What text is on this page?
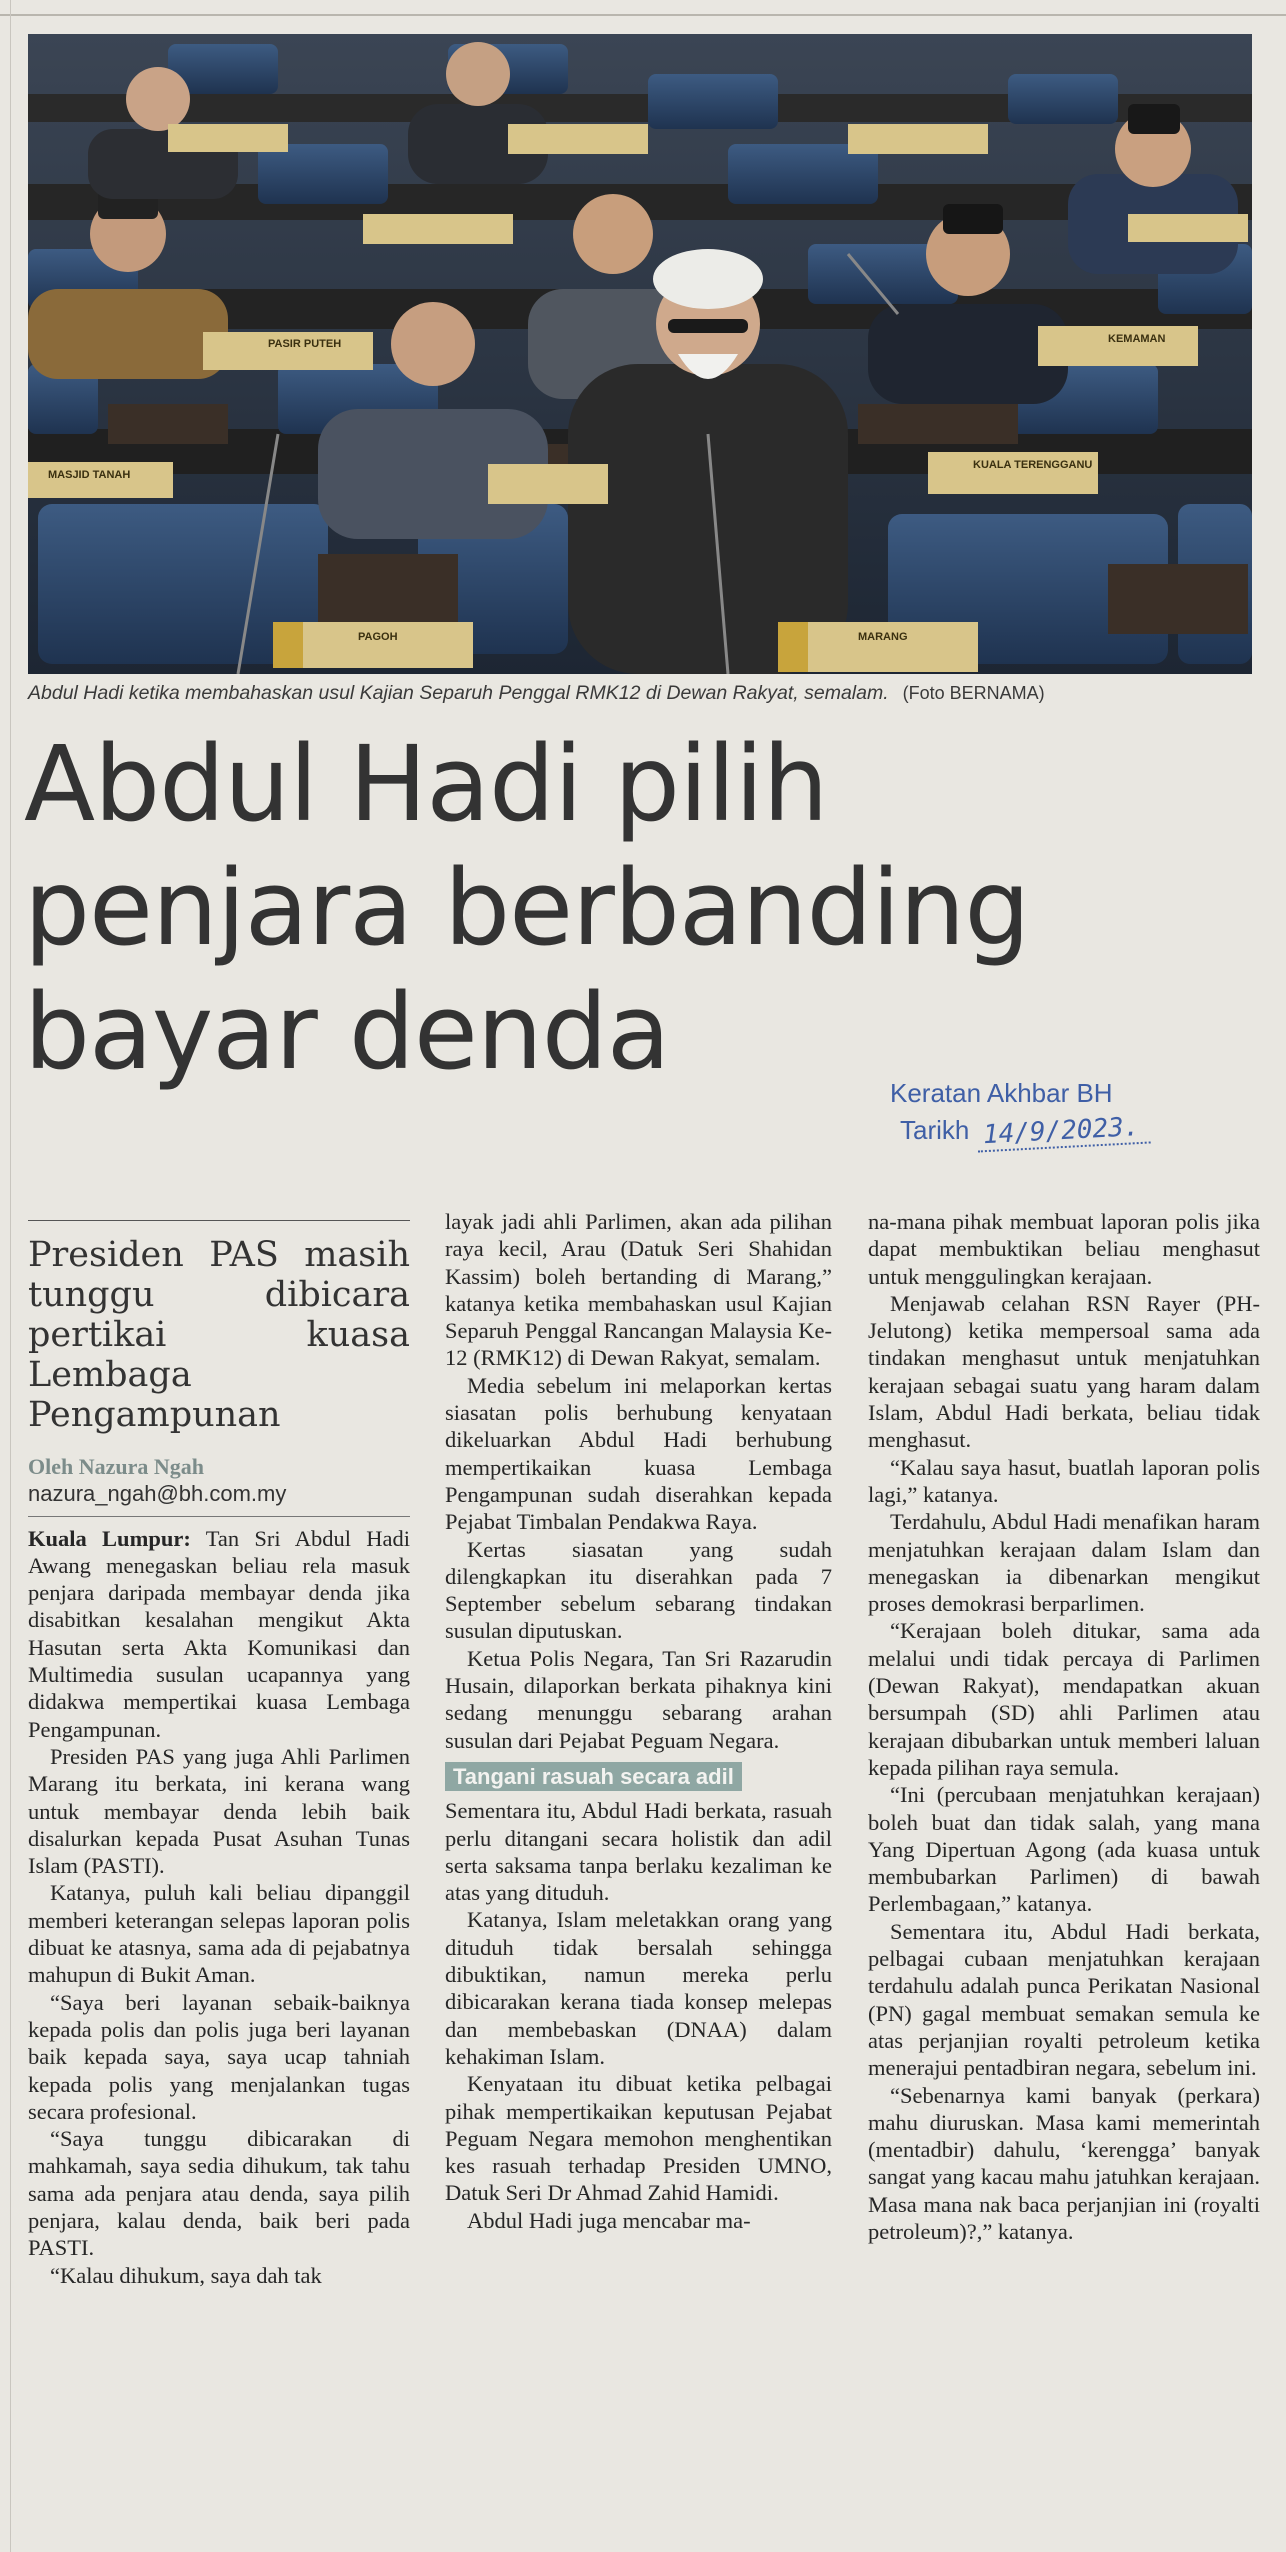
PAGOH	MARANG
MASJID TANAH
PASIR PUTEH
KUALA TERENGGANU
KEMAMAN
Abdul Hadi ketika membahaskan usul Kajian Separuh Penggal RMK12 di Dewan Rakyat, semalam. (Foto BERNAMA)
Abdul Hadi pilih
penjara berbanding
bayar denda	Keratan Akhbar BH
Tarikh 14/9/2023.
Presiden PAS masih tunggu dibicara pertikai kuasa Lembaga Pengampunan
Oleh Nazura Ngah
nazura_ngah@bh.com.my

Kuala Lumpur: Tan Sri Abdul Hadi Awang menegaskan beliau rela masuk penjara daripada membayar denda jika disabitkan kesalahan mengikut Akta Hasutan serta Akta Komunikasi dan Multimedia susulan ucapannya yang didakwa mempertikai kuasa Lembaga Pengampunan.

Presiden PAS yang juga Ahli Parlimen Marang itu berkata, ini kerana wang untuk membayar denda lebih baik disalurkan kepada Pusat Asuhan Tunas Islam (PASTI).

Katanya, puluh kali beliau dipanggil memberi keterangan selepas laporan polis dibuat ke atasnya, sama ada di pejabatnya mahupun di Bukit Aman.

“Saya beri layanan sebaik-baiknya kepada polis dan polis juga beri layanan baik kepada saya, saya ucap tahniah kepada polis yang menjalankan tugas secara profesional.

“Saya tunggu dibicarakan di mahkamah, saya sedia dihukum, tak tahu sama ada penjara atau denda, saya pilih penjara, kalau denda, baik beri pada PASTI.

“Kalau dihukum, saya dah tak

layak jadi ahli Parlimen, akan ada pilihan raya kecil, Arau (Datuk Seri Shahidan Kassim) boleh bertanding di Marang,” katanya ketika membahaskan usul Kajian Separuh Penggal Rancangan Malaysia Ke-12 (RMK12) di Dewan Rakyat, semalam.

Media sebelum ini melaporkan kertas siasatan polis berhubung kenyataan dikeluarkan Abdul Hadi berhubung mempertikaikan kuasa Lembaga Pengampunan sudah diserahkan kepada Pejabat Timbalan Pendakwa Raya.

Kertas siasatan yang sudah dilengkapkan itu diserahkan pada 7 September sebelum sebarang tindakan susulan diputuskan.

Ketua Polis Negara, Tan Sri Razarudin Husain, dilaporkan berkata pihaknya kini sedang menunggu sebarang arahan susulan dari Pejabat Peguam Negara.

Tangani rasuah secara adil

Sementara itu, Abdul Hadi berkata, rasuah perlu ditangani secara holistik dan adil serta saksama tanpa berlaku kezaliman ke atas yang dituduh.

Katanya, Islam meletakkan orang yang dituduh tidak bersalah sehingga dibuktikan, namun mereka perlu dibicarakan kerana tiada konsep melepas dan membebaskan (DNAA) dalam kehakiman Islam.

Kenyataan itu dibuat ketika pelbagai pihak mempertikaikan keputusan Pejabat Peguam Negara memohon menghentikan kes rasuah terhadap Presiden UMNO, Datuk Seri Dr Ahmad Zahid Hamidi.

Abdul Hadi juga mencabar ma-

na-mana pihak membuat laporan polis jika dapat membuktikan beliau menghasut untuk menggulingkan kerajaan.

Menjawab celahan RSN Rayer (PH-Jelutong) ketika mempersoal sama ada tindakan menghasut untuk menjatuhkan kerajaan sebagai suatu yang haram dalam Islam, Abdul Hadi berkata, beliau tidak menghasut.

“Kalau saya hasut, buatlah laporan polis lagi,” katanya.

Terdahulu, Abdul Hadi menafikan haram menjatuhkan kerajaan dalam Islam dan menegaskan ia dibenarkan mengikut proses demokrasi berparlimen.

“Kerajaan boleh ditukar, sama ada melalui undi tidak percaya di Parlimen (Dewan Rakyat), mendapatkan akuan bersumpah (SD) ahli Parlimen atau kerajaan dibubarkan untuk memberi laluan kepada pilihan raya semula.

“Ini (percubaan menjatuhkan kerajaan) boleh buat dan tidak salah, yang mana Yang Dipertuan Agong (ada kuasa untuk membubarkan Parlimen) di bawah Perlembagaan,” katanya.

Sementara itu, Abdul Hadi berkata, pelbagai cubaan menjatuhkan kerajaan terdahulu adalah punca Perikatan Nasional (PN) gagal membuat semakan semula ke atas perjanjian royalti petroleum ketika menerajui pentadbiran negara, sebelum ini.

“Sebenarnya kami banyak (perkara) mahu diuruskan. Masa kami memerintah (mentadbir) dahulu, ‘kerengga’ banyak sangat yang kacau mahu jatuhkan kerajaan. Masa mana nak baca perjanjian ini (royalti petroleum)?,” katanya.
